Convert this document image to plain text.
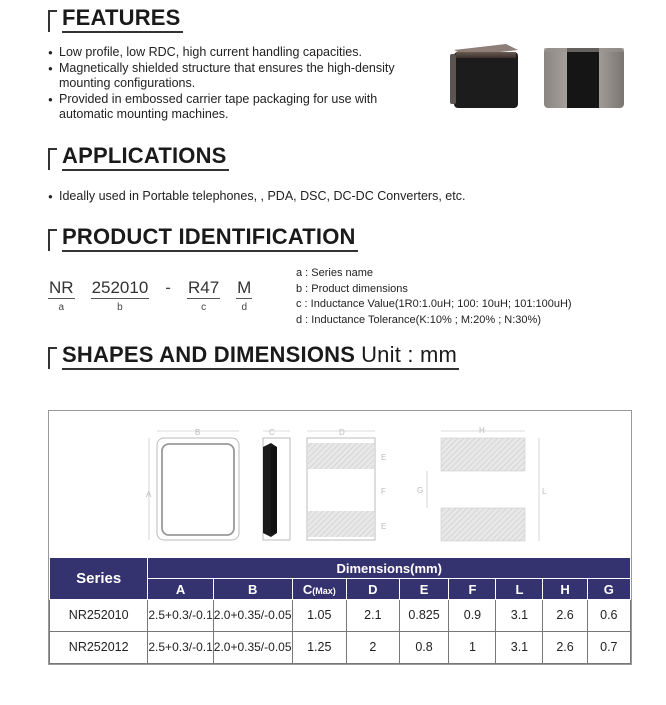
FEATURES
● Low profile, low RDC, high current handling capacities.
● Magnetically shielded structure that ensures the high-density mounting configurations.
● Provided in embossed carrier tape packaging for use with automatic mounting machines.
APPLICATIONS
● Ideally used in Portable telephones, , PDA, DSC, DC-DC Converters, etc.
PRODUCT IDENTIFICATION
NR
a
252010
b
- R47
c
M
d
a : Series name
b : Product dimensions
c : Inductance Value(1R0:1.0uH; 100: 10uH; 101:100uH)
d : Inductance Tolerance(K:10% ; M:20% ; N:30%)
SHAPES AND DIMENSIONS Unit : mm
B
A
C	D
E
F
E
H
L
G
Series	Dimensions(mm)								
	A	B	C(Max)	D	E	F	L	H	G
NR252010	2.5+0.3/-0.1	2.0+0.35/-0.05	1.05	2.1	0.825	0.9	3.1	2.6	0.6
NR252012	2.5+0.3/-0.1	2.0+0.35/-0.05	1.25	2	0.8	1	3.1	2.6	0.7
